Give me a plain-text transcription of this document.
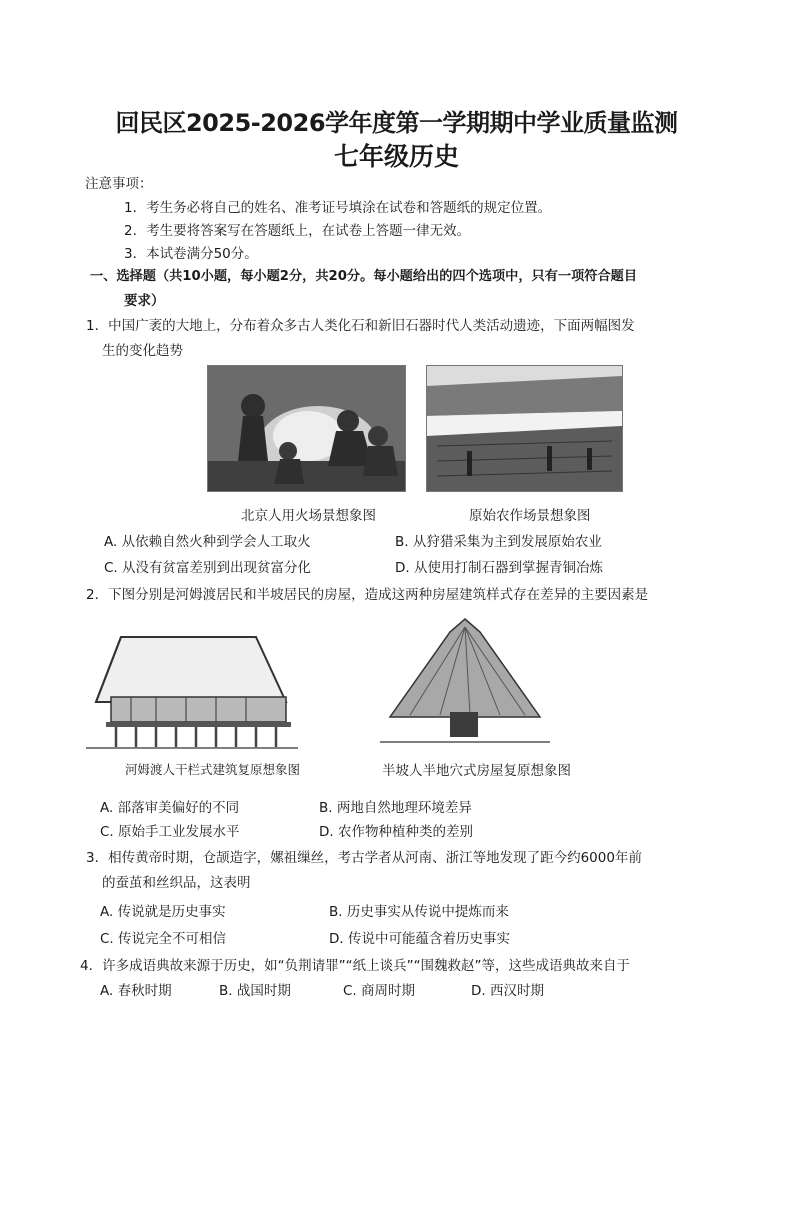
回民区2025-2026学年度第一学期期中学业质量监测
七年级历史
注意事项：
1．考生务必将自己的姓名、准考证号填涂在试卷和答题纸的规定位置。
2．考生要将答案写在答题纸上，在试卷上答题一律无效。
3．本试卷满分50分。
一、选择题（共10小题，每小题2分，共20分。每小题给出的四个选项中，只有一项符合题目
要求）
1．中国广袤的大地上，分布着众多古人类化石和新旧石器时代人类活动遗迹，下面两幅图发
生的变化趋势
北京人用火场景想象图	原始农作场景想象图
A. 从依赖自然火种到学会人工取火	B. 从狩猎采集为主到发展原始农业
C. 从没有贫富差别到出现贫富分化	D. 从使用打制石器到掌握青铜冶炼
2．下图分别是河姆渡居民和半坡居民的房屋，造成这两种房屋建筑样式存在差异的主要因素是
河姆渡人干栏式建筑复原想象图	半坡人半地穴式房屋复原想象图
A. 部落审美偏好的不同	B. 两地自然地理环境差异
C. 原始手工业发展水平	D. 农作物种植种类的差别
3．相传黄帝时期，仓颉造字，嫘祖缫丝，考古学者从河南、浙江等地发现了距今约6000年前
的蚕茧和丝织品，这表明
A. 传说就是历史事实	B. 历史事实从传说中提炼而来
C. 传说完全不可相信	D. 传说中可能蕴含着历史事实
4．许多成语典故来源于历史，如“负荆请罪”“纸上谈兵”“围魏救赵”等，这些成语典故来自于
A. 春秋时期	B. 战国时期	C. 商周时期	D. 西汉时期
